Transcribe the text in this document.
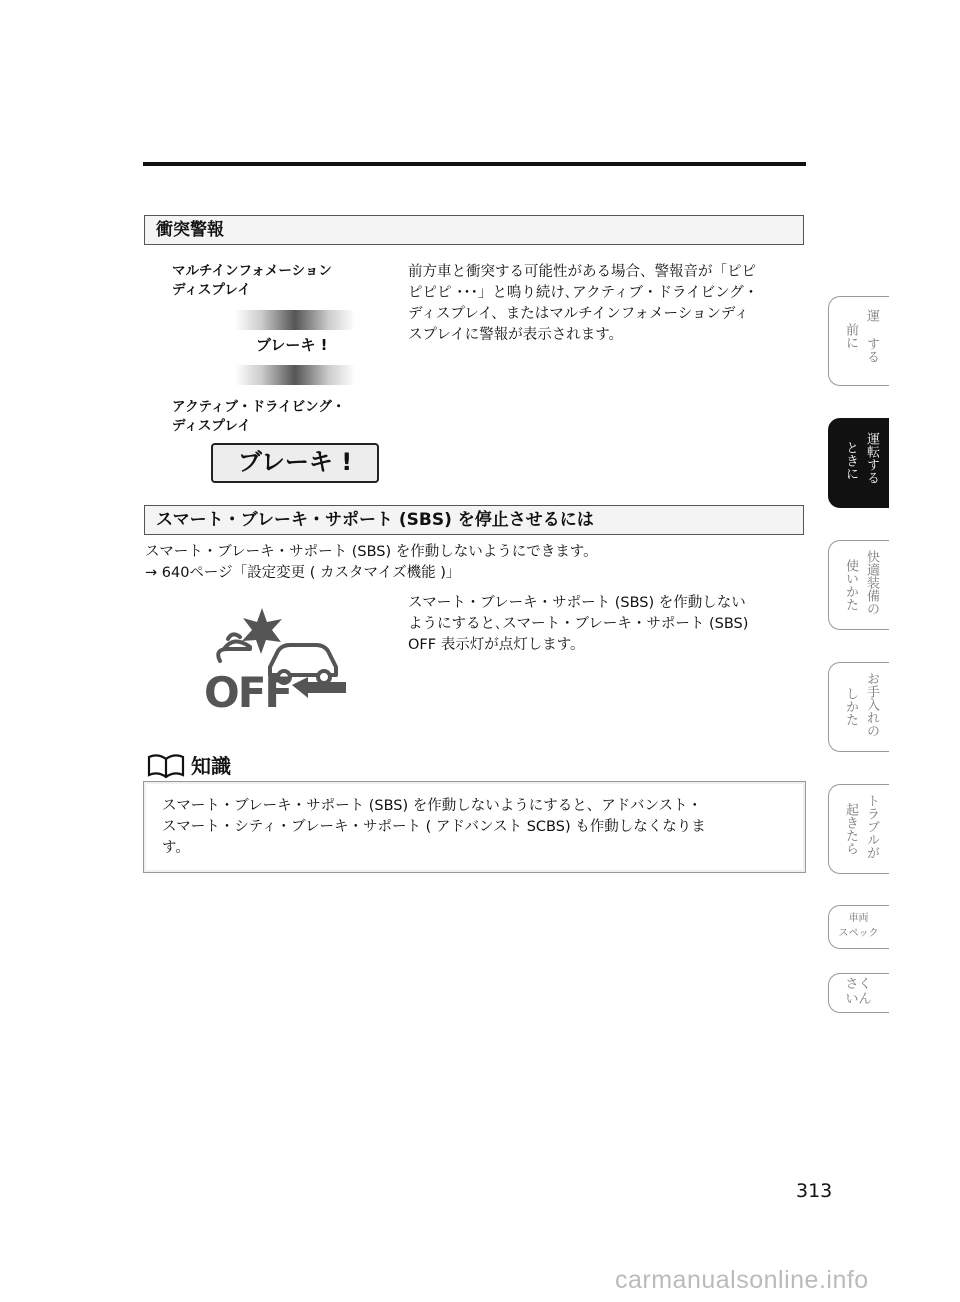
衝突警報
マルチインフォメーション
ディスプレイ
ブレーキ !
アクティブ・ドライビング・
ディスプレイ
ブレーキ !
前方車と衝突する可能性がある場合、警報音が「ピピ
ピピピ ･･･」と鳴り続け､アクティブ・ドライビング・
ディスプレイ、またはマルチインフォメーションディ
スプレイに警報が表示されます。
スマート・ブレーキ・サポート (SBS) を停止させるには
スマート・ブレーキ・サポート (SBS) を作動しないようにできます。
→ 640ページ「設定変更 ( カスタマイズ機能 )」
OFF
スマート・ブレーキ・サポート (SBS) を作動しない
ようにすると､スマート・ブレーキ・サポート (SBS)
OFF 表示灯が点灯します。
知識
スマート・ブレーキ・サポート (SBS) を作動しないようにすると、アドバンスト・
スマート・シティ・ブレーキ・サポート ( アドバンスト SCBS) も作動しなくなりま
す。
運
する
前に
運転する
ときに
快適装備の
使いかた
お手入れの
しかた
トラブルが
起きたら
車両
スペック
さく
いん
313
carmanualsonline.info
